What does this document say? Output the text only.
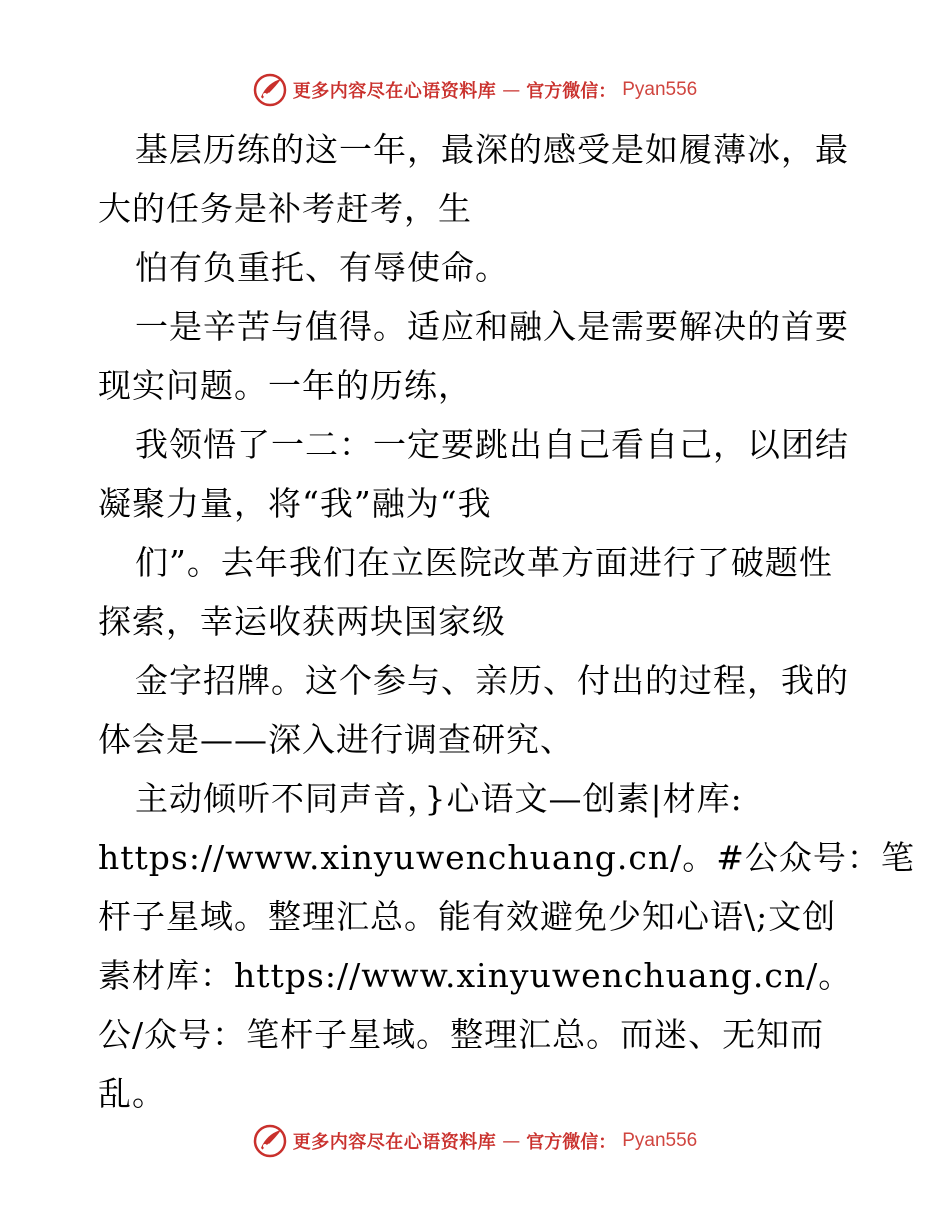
更多内容尽在心语资料库 — 官方微信： Pyan556
基层历练的这一年，最深的感受是如履薄冰，最
大的任务是补考赶考，生
怕有负重托、有辱使命。
一是辛苦与值得。适应和融入是需要解决的首要
现实问题。一年的历练，
我领悟了一二：一定要跳出自己看自己，以团结
凝聚力量，将“我”融为“我
们”。去年我们在立医院改革方面进行了破题性
探索，幸运收获两块国家级
金字招牌。这个参与、亲历、付出的过程，我的
体会是——深入进行调查研究、
主动倾听不同声音，}心语文—创素|材库:
https://www.xinyuwenchuang.cn/。#公众号：笔
杆子星域。整理汇总。能有效避免少知心语\;文创
素材库：https://www.xinyuwenchuang.cn/。
公/众号：笔杆子星域。整理汇总。而迷、无知而
乱。
更多内容尽在心语资料库 — 官方微信： Pyan556
